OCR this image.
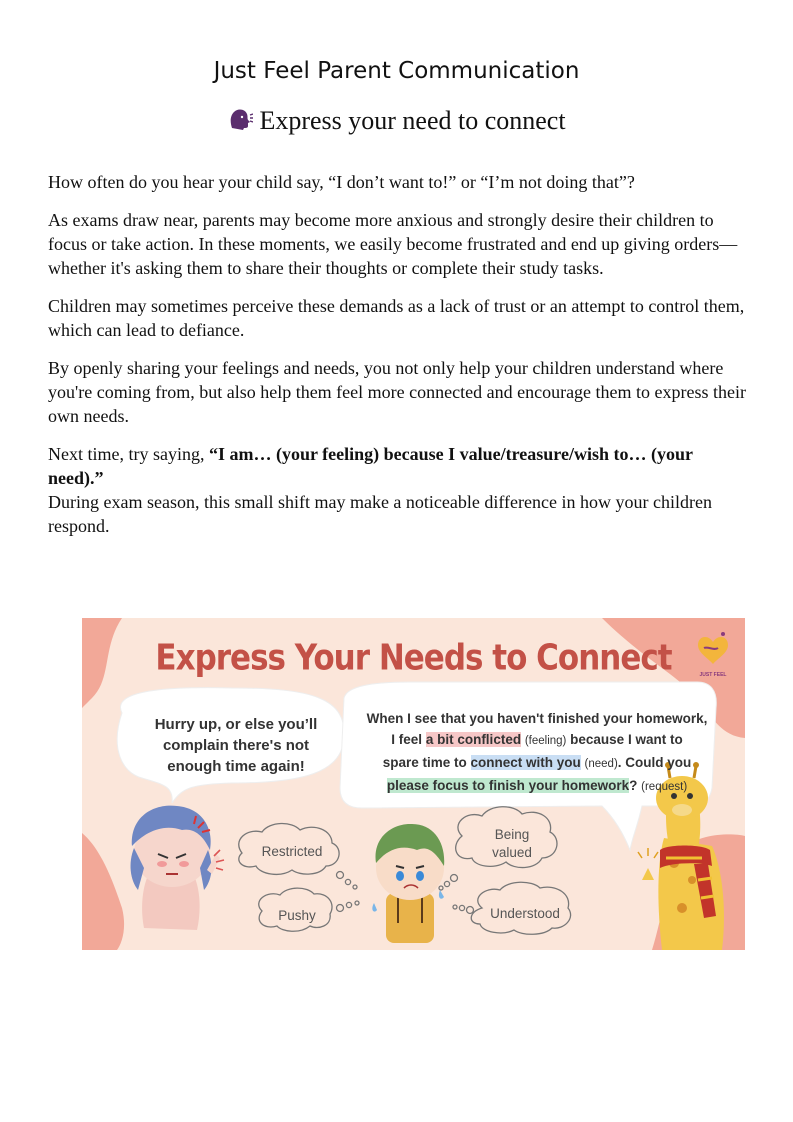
Just Feel Parent Communication
Express your need to connect

How often do you hear your child say, “I don’t want to!” or “I’m not doing that”?

As exams draw near, parents may become more anxious and strongly desire their children to focus or take action. In these moments, we easily become frustrated and end up giving orders—whether it's asking them to share their thoughts or complete their study tasks.

Children may sometimes perceive these demands as a lack of trust or an attempt to control them, which can lead to defiance.

By openly sharing your feelings and needs, you not only help your children understand where you're coming from, but also help them feel more connected and encourage them to express their own needs.

Next time, try saying, “I am… (your feeling) because I value/treasure/wish to… (your need).”

During exam season, this small shift may make a noticeable difference in how your children respond.

Express Your Needs to Connect	JUST FEEL
Hurry up, or else you’ll
complain there's not
enough time again!
When I see that you haven't finished your homework,
I feel a bit conflicted (feeling) because I want to
spare time to connect with you (need). Could you
please focus to finish your homework? (request)
Restricted
Pushy
Being
valued
Understood
